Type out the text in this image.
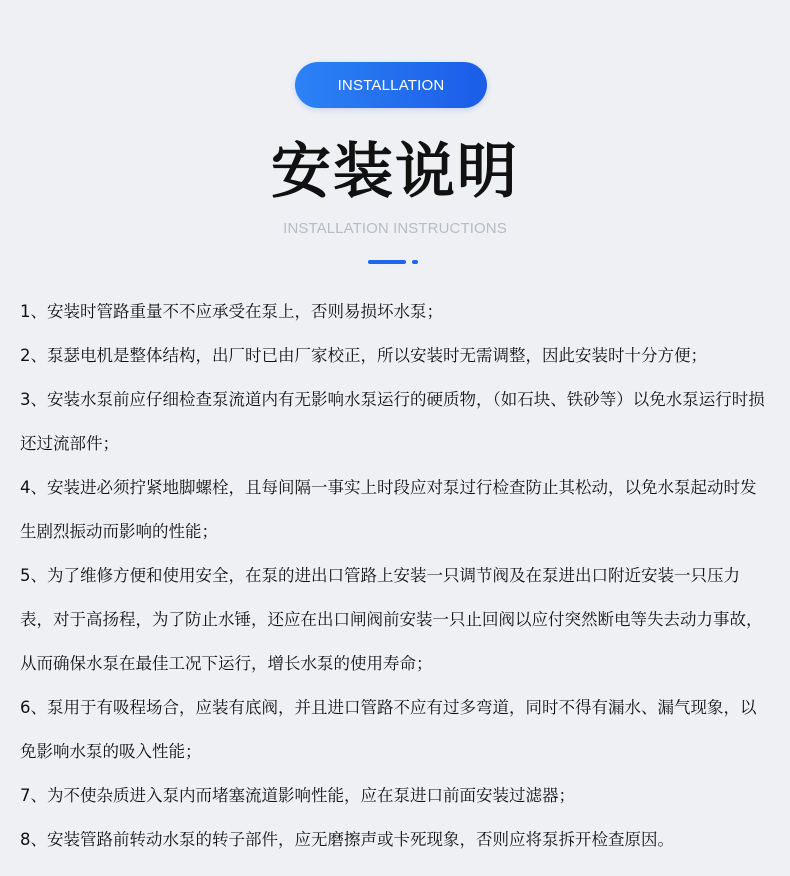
INSTALLATION
安装说明
INSTALLATION INSTRUCTIONS

1、安装时管路重量不不应承受在泵上，否则易损坏水泵；

2、泵瑟电机是整体结构，出厂时已由厂家校正，所以安装时无需调整，因此安装时十分方便；

3、安装水泵前应仔细检查泵流道内有无影响水泵运行的硬质物，（如石块、铁砂等）以免水泵运行时损还过流部件；

4、安装进必须拧紧地脚螺栓，且每间隔一事实上时段应对泵过行检查防止其松动，以免水泵起动时发生剧烈振动而影响的性能；

5、为了维修方便和使用安全，在泵的进出口管路上安装一只调节阀及在泵进出口附近安装一只压力表，对于高扬程，为了防止水锤，还应在出口闸阀前安装一只止回阀以应付突然断电等失去动力事故，从而确保水泵在最佳工况下运行，增长水泵的使用寿命；

6、泵用于有吸程场合，应装有底阀，并且进口管路不应有过多弯道，同时不得有漏水、漏气现象，以免影响水泵的吸入性能；

7、为不使杂质进入泵内而堵塞流道影响性能，应在泵进口前面安装过滤器；

8、安装管路前转动水泵的转子部件，应无磨擦声或卡死现象，否则应将泵拆开检查原因。
